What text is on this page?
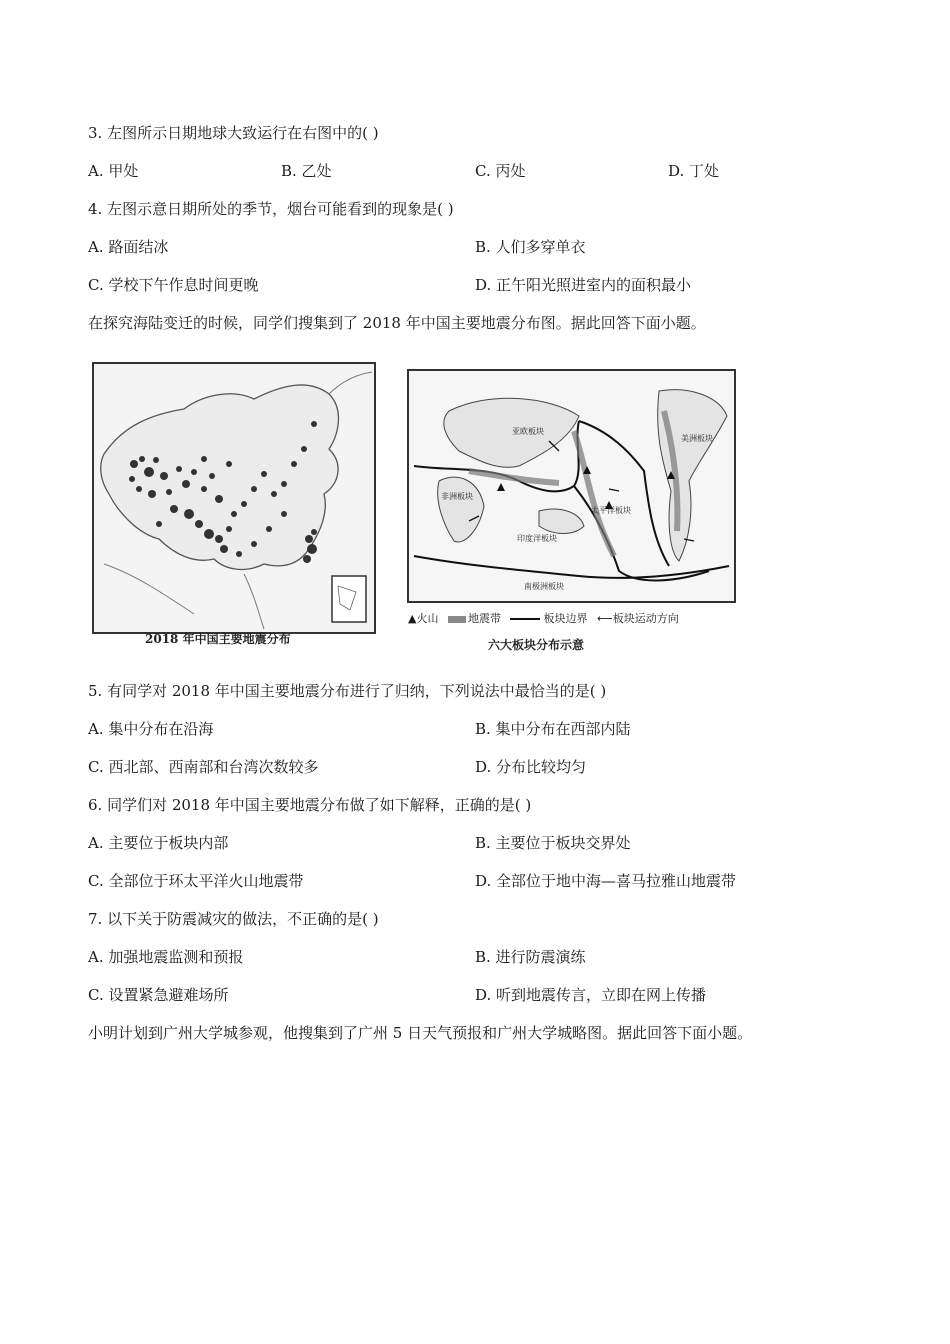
3. 左图所示日期地球大致运行在右图中的( )
A. 甲处	B. 乙处	C. 丙处	D. 丁处
4. 左图示意日期所处的季节，烟台可能看到的现象是( )
A. 路面结冰	B. 人们多穿单衣
C. 学校下午作息时间更晚	D. 正午阳光照进室内的面积最小
在探究海陆变迁的时候，同学们搜集到了 2018 年中国主要地震分布图。据此回答下面小题。
2018 年中国主要地震分布
亚欧板块
非洲板块
太平洋板块
印度洋板块
美洲板块
南极洲板块
▲火山	地震带	板块边界 ⟵板块运动方向
六大板块分布示意
5. 有同学对 2018 年中国主要地震分布进行了归纳，下列说法中最恰当的是( )
A. 集中分布在沿海	B. 集中分布在西部内陆
C. 西北部、西南部和台湾次数较多	D. 分布比较均匀
6. 同学们对 2018 年中国主要地震分布做了如下解释，正确的是( )
A. 主要位于板块内部	B. 主要位于板块交界处
C. 全部位于环太平洋火山地震带	D. 全部位于地中海—喜马拉雅山地震带
7. 以下关于防震减灾的做法，不正确的是( )
A. 加强地震监测和预报	B. 进行防震演练
C. 设置紧急避难场所	D. 听到地震传言，立即在网上传播
小明计划到广州大学城参观，他搜集到了广州 5 日天气预报和广州大学城略图。据此回答下面小题。
